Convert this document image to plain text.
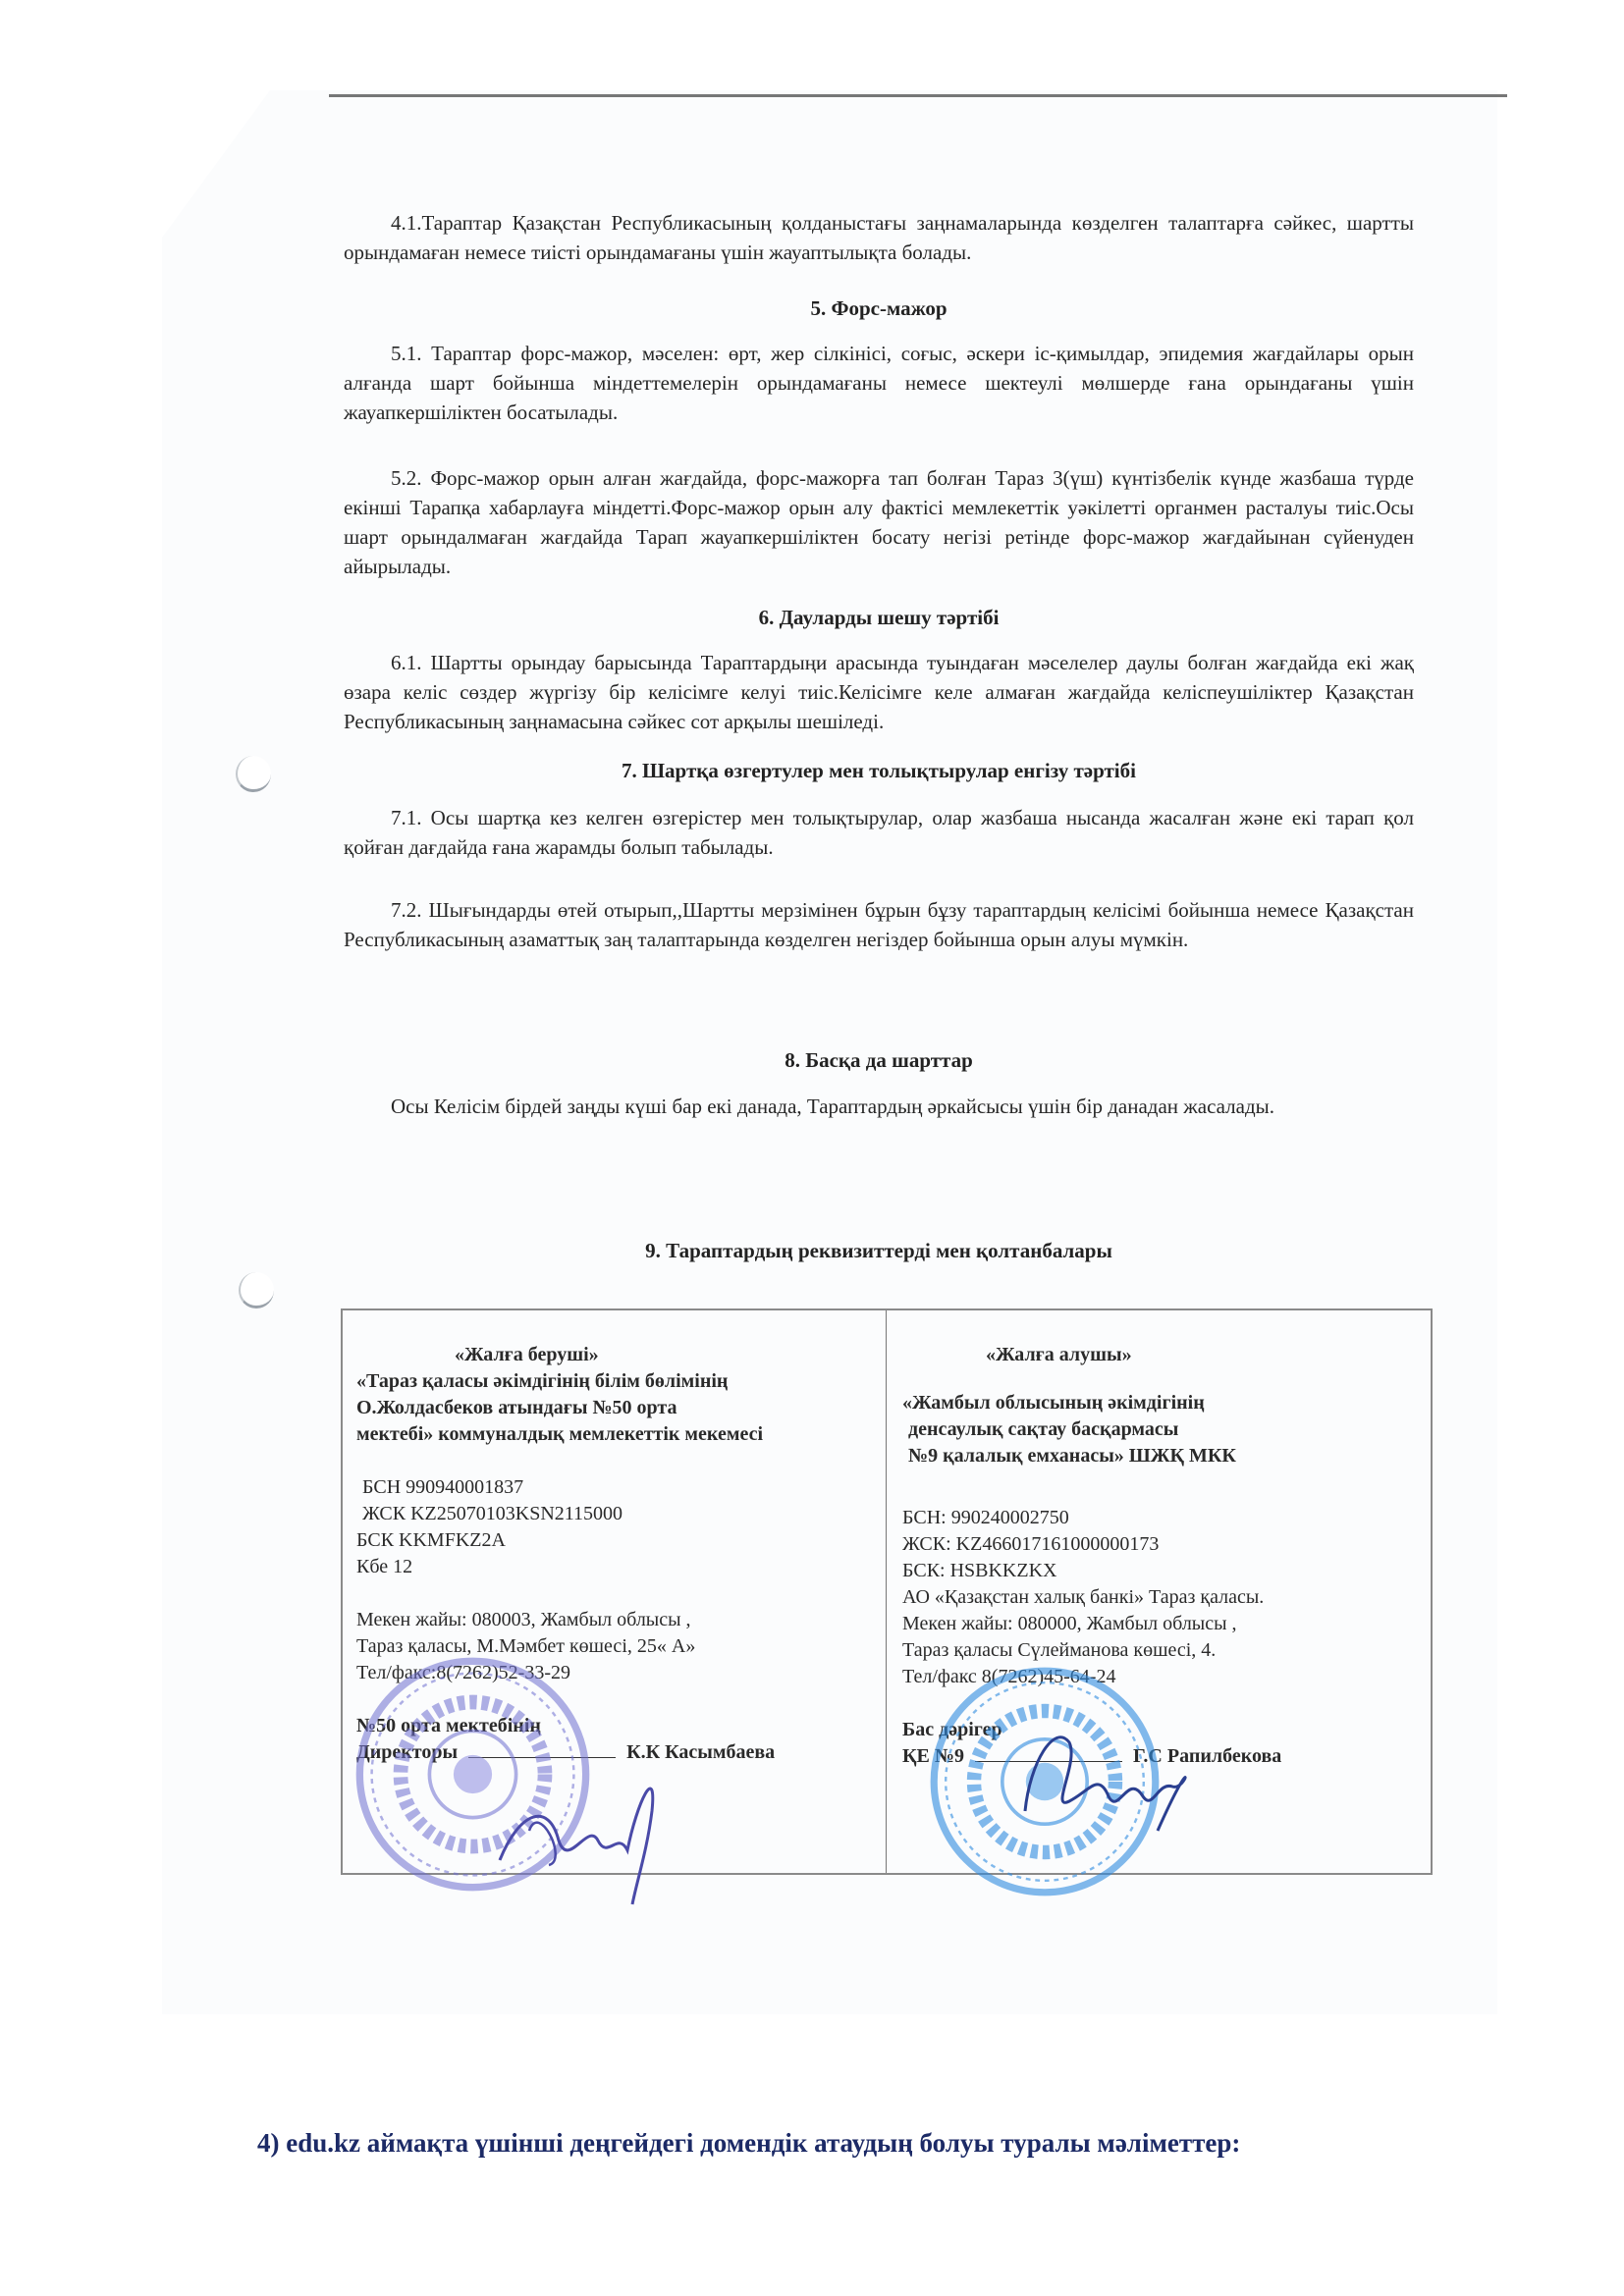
4.1.Тараптар Қазақстан Республикасының қолданыстағы заңнамаларында көзделген талаптарға сәйкес, шартты орындамаған немесе тиісті орындамағаны үшін жауаптылықта болады.

5. Форс-мажор

5.1. Тараптар форс-мажор, мәселен: өрт, жер сілкінісі, соғыс, әскери іс-қимылдар, эпидемия жағдайлары орын алғанда шарт бойынша міндеттемелерін орындамағаны немесе шектеулі мөлшерде ғана орындағаны үшін жауапкершіліктен босатылады.

5.2. Форс-мажор орын алған жағдайда, форс-мажорға тап болған Тараз 3(үш) күнтізбелік күнде жазбаша түрде екінші Тарапқа хабарлауға міндетті.Форс-мажор орын алу фактісі мемлекеттік уәкілетті органмен расталуы тиіс.Осы шарт орындалмаған жағдайда Тарап жауапкершіліктен босату негізі ретінде форс-мажор жағдайынан сүйенуден айырылады.

6. Дауларды шешу тәртібі

6.1. Шартты орындау барысында Тараптардыңи арасында туындаған мәселелер даулы болған жағдайда екі жақ өзара келіс сөздер жүргізу бір келісімге келуі тиіс.Келісімге келе алмаған жағдайда келіспеушіліктер Қазақстан Республикасының заңнамасына сәйкес сот арқылы шешіледі.

7. Шартқа өзгертулер мен толықтырулар енгізу тәртібі

7.1. Осы шартқа кез келген өзгерістер мен толықтырулар, олар жазбаша нысанда жасалған және екі тарап қол қойған дағдайда ғана жарамды болып табылады.

7.2. Шығындарды өтей отырып,,Шартты мерзімінен бұрын бұзу тараптардың келісімі бойынша немесе Қазақстан Республикасының азаматтық заң талаптарында көзделген негіздер бойынша орын алуы мүмкін.

8. Басқа да шарттар

Осы Келісім бірдей заңды күші бар екі данада, Тараптардың әркайсысы үшін бір данадан жасалады.

9. Тараптардың реквизиттерді мен қолтанбалары
«Жалға беруші»
«Тараз қаласы әкімдігінің білім бөлімінің
О.Жолдасбеков атындағы №50 орта
мектебі» коммуналдық мемлекеттік мекемесі
БСН 990940001837
ЖСК KZ25070103KSN2115000
БСК KKMFKZ2A
Кбе 12
Мекен жайы: 080003, Жамбыл облысы ,
Тараз қаласы, М.Мәмбет көшесі, 25« А»
Тел/факс:8(7262)52-33-29
№50 орта мектебінің
Директоры	К.К Касымбаева
«Жалға алушы»
«Жамбыл облысының әкімдігінің
денсаулық сақтау басқармасы
№9 қалалық емханасы» ШЖҚ МКК
БСН: 990240002750
ЖСК: KZ466017161000000173
БСК: HSBKKZKX
АО «Қазақстан халық банкі» Тараз қаласы.
Мекен жайы: 080000, Жамбыл облысы ,
Тараз қаласы Сүлейманова көшесі, 4.
Тел/факс 8(7262)45-64-24
Бас дәрігер
ҚЕ №9	Г.С Рапилбекова
4) edu.kz аймақта үшінші деңгейдегі домендік атаудың болуы туралы мәліметтер:
